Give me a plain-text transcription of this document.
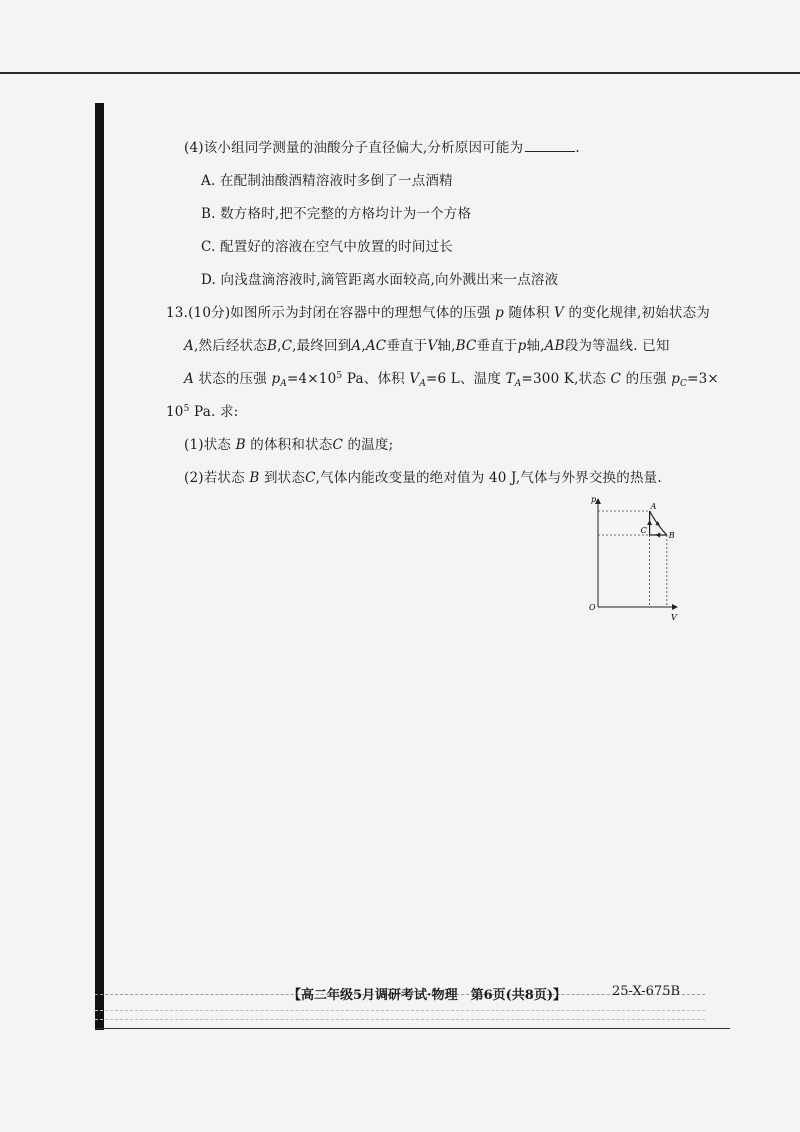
(4)该小组同学测量的油酸分子直径偏大,分析原因可能为	.
A. 在配制油酸酒精溶液时多倒了一点酒精
B. 数方格时,把不完整的方格均计为一个方格
C. 配置好的溶液在空气中放置的时间过长
D. 向浅盘滴溶液时,滴管距离水面较高,向外溅出来一点溶液
13.(10分)如图所示为封闭在容器中的理想气体的压强 p 随体积 V 的变化规律,初始状态为
A,然后经状态B,C,最终回到A,AC垂直于V轴,BC垂直于p轴,AB段为等温线. 已知
A 状态的压强 $p_A=4\times 10^5$ Pa、体积 $V_A=6$ L、温度 $T_A=300$ K,状态 C 的压强 $p_C=3\times$
$10^5$ Pa. 求:
(1)状态 B 的体积和状态C 的温度;
(2)若状态 B 到状态C,气体内能改变量的绝对值为 40 J,气体与外界交换的热量.
p
V
O
A
B
C
【高二年级5月调研考试·物理　第6页(共8页)】	25-X-675B
